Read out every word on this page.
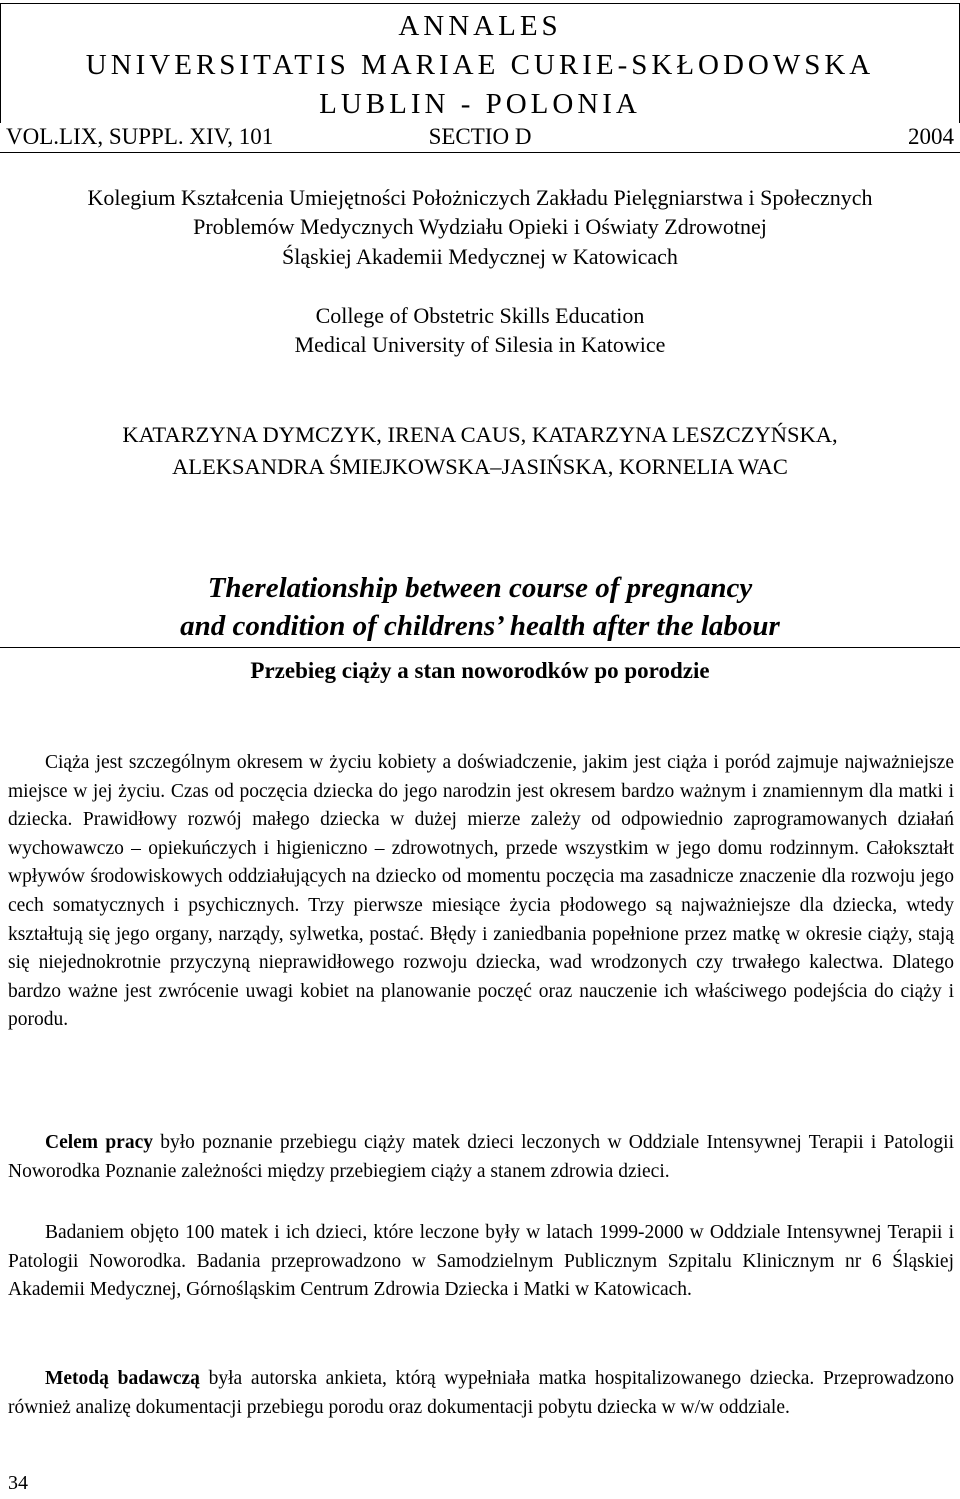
ANNALES
UNIVERSITATIS MARIAE CURIE-SKŁODOWSKA
LUBLIN - POLONIA
SECTIO D
VOL.LIX, SUPPL. XIV, 101	2004
Kolegium Kształcenia Umiejętności Położniczych Zakładu Pielęgniarstwa i Społecznych
Problemów Medycznych Wydziału Opieki i Oświaty Zdrowotnej
Śląskiej Akademii Medycznej w Katowicach
College of Obstetric Skills Education
Medical University of Silesia in Katowice
KATARZYNA DYMCZYK, IRENA CAUS, KATARZYNA LESZCZYŃSKA,
ALEKSANDRA ŚMIEJKOWSKA–JASIŃSKA, KORNELIA WAC
Therelationship between course of pregnancy
and condition of childrens’ health after the labour
Przebieg ciąży a stan noworodków po porodzie
Ciąża jest szczególnym okresem w życiu kobiety a doświadczenie, jakim jest ciąża i poród zajmuje najważniejsze miejsce w jej życiu. Czas od poczęcia dziecka do jego narodzin jest okresem bardzo ważnym i znamiennym dla matki i dziecka. Prawidłowy rozwój małego dziecka w dużej mierze zależy od odpowiednio zaprogramowanych działań wychowawczo – opiekuńczych i higieniczno – zdrowotnych, przede wszystkim w jego domu rodzinnym. Całokształt wpływów środowiskowych oddziałujących na dziecko od momentu poczęcia ma zasadnicze znaczenie dla rozwoju jego cech somatycznych i psychicznych. Trzy pierwsze miesiące życia płodowego są najważniejsze dla dziecka, wtedy kształtują się jego organy, narządy, sylwetka, postać. Błędy i zaniedbania popełnione przez matkę w okresie ciąży, stają się niejednokrotnie przyczyną nieprawidłowego rozwoju dziecka, wad wrodzonych czy trwałego kalectwa. Dlatego bardzo ważne jest zwrócenie uwagi kobiet na planowanie poczęć oraz nauczenie ich właściwego podejścia do ciąży i porodu.
Celem pracy było poznanie przebiegu ciąży matek dzieci leczonych w Oddziale Intensywnej Terapii i Patologii Noworodka Poznanie zależności między przebiegiem ciąży a stanem zdrowia dzieci.
Badaniem objęto 100 matek i ich dzieci, które leczone były w latach 1999-2000 w Oddziale Intensywnej Terapii i Patologii Noworodka. Badania przeprowadzono w Samodzielnym Publicznym Szpitalu Klinicznym nr 6 Śląskiej Akademii Medycznej, Górnośląskim Centrum Zdrowia Dziecka i Matki w Katowicach.
Metodą badawczą była autorska ankieta, którą wypełniała matka hospitalizowanego dziecka. Przeprowadzono również analizę dokumentacji przebiegu porodu oraz dokumentacji pobytu dziecka w w/w oddziale.
34
